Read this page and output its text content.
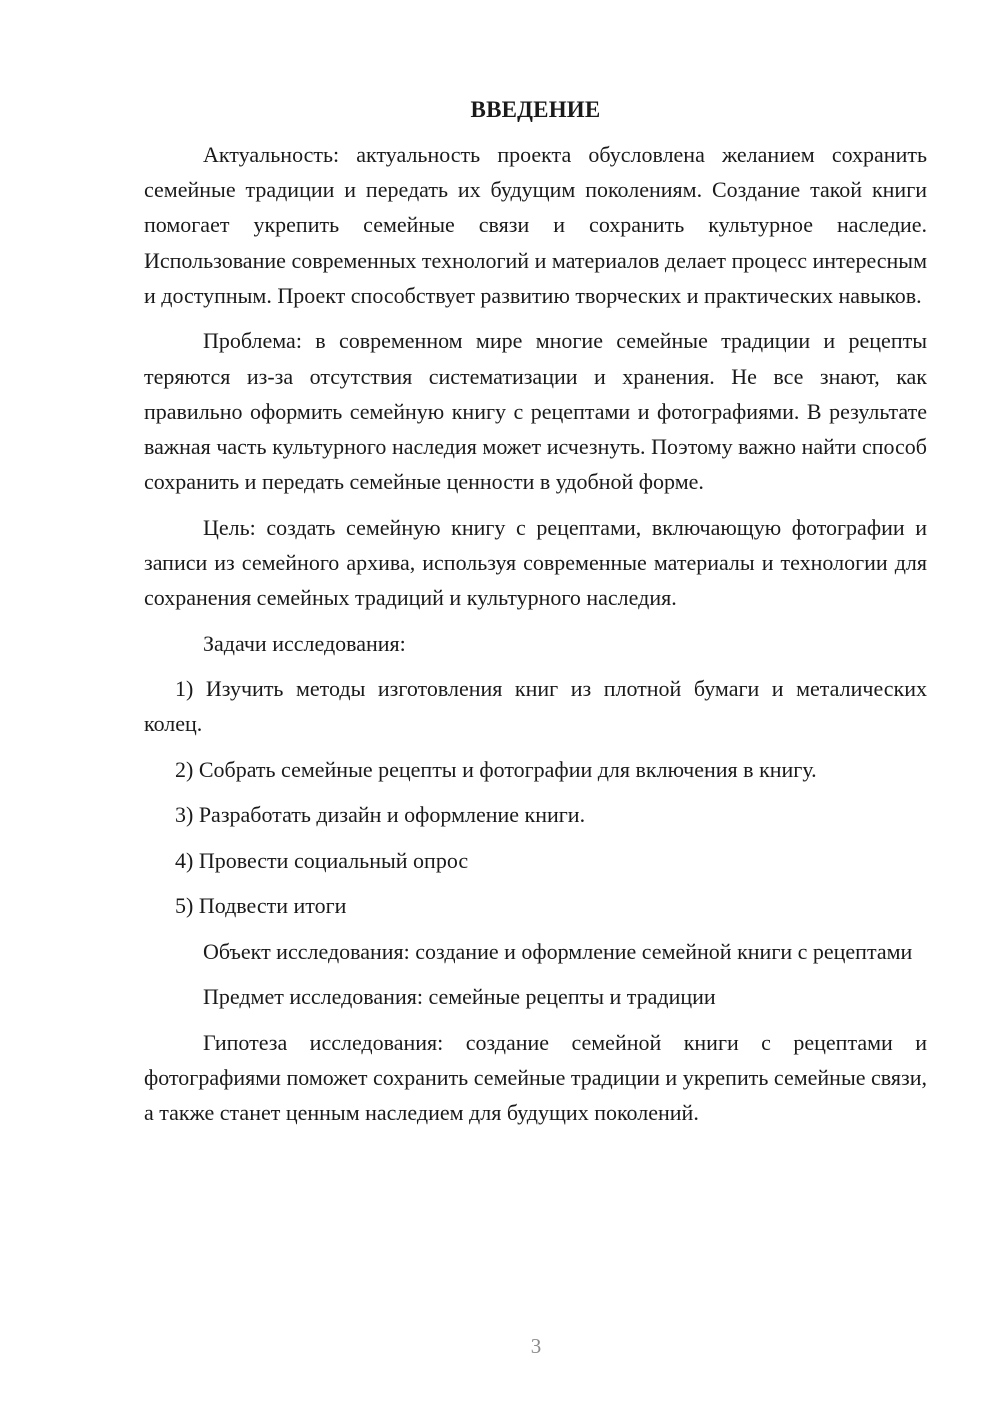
ВВЕДЕНИЕ

Актуальность: актуальность проекта обусловлена желанием сохранить семейные традиции и передать их будущим поколениям. Создание такой книги помогает укрепить семейные связи и сохранить культурное наследие. Использование современных технологий и материалов делает процесс интересным и доступным. Проект способствует развитию творческих и практических навыков.

Проблема: в современном мире многие семейные традиции и рецепты теряются из-за отсутствия систематизации и хранения. Не все знают, как правильно оформить семейную книгу с рецептами и фотографиями. В результате важная часть культурного наследия может исчезнуть. Поэтому важно найти способ сохранить и передать семейные ценности в удобной форме.

Цель: создать семейную книгу с рецептами, включающую фотографии и записи из семейного архива, используя современные материалы и технологии для сохранения семейных традиций и культурного наследия.

Задачи исследования:

1) Изучить методы изготовления книг из плотной бумаги и металических колец.

2) Собрать семейные рецепты и фотографии для включения в книгу.

3) Разработать дизайн и оформление книги.

4) Провести социальный опрос

5) Подвести итоги

Объект исследования: создание и оформление семейной книги с рецептами

Предмет исследования: семейные рецепты и традиции

Гипотеза исследования: создание семейной книги с рецептами и фотографиями поможет сохранить семейные традиции и укрепить семейные связи, а также станет ценным наследием для будущих поколений.

3
